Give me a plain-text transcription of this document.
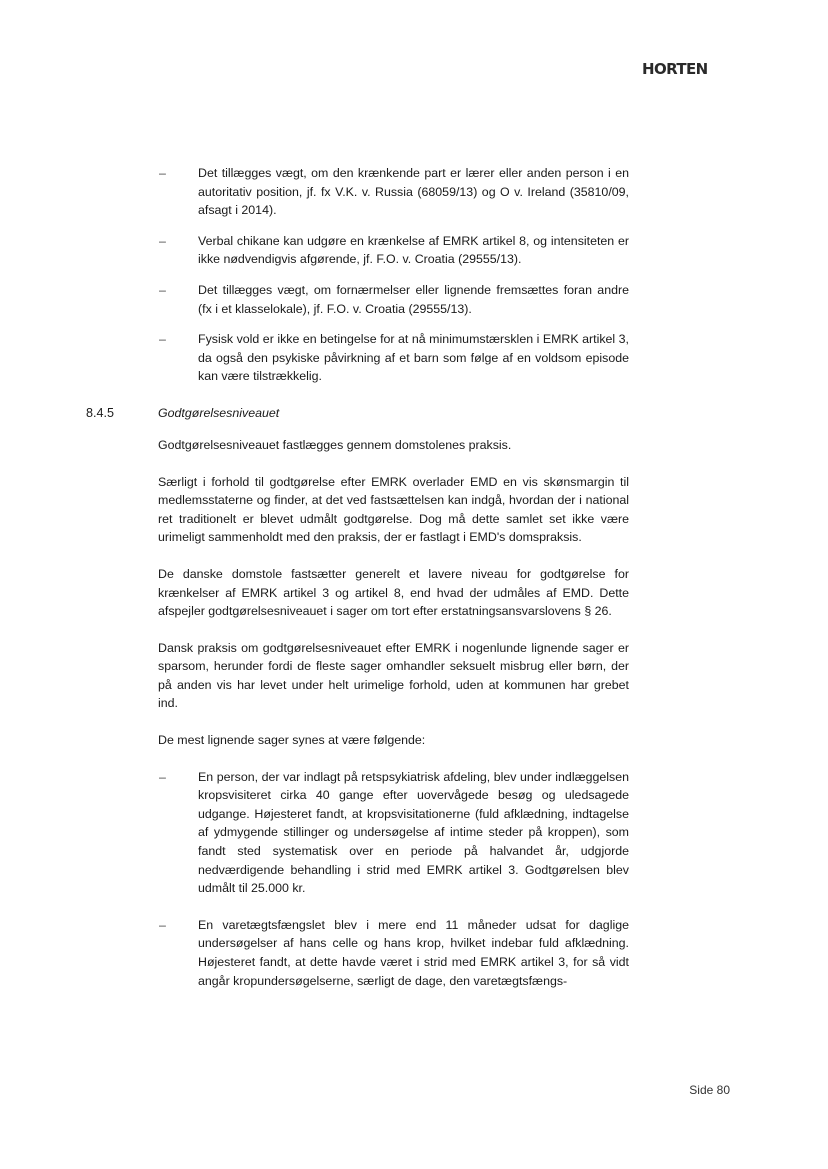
HORTEN
–	Det tillægges vægt, om den krænkende part er lærer eller anden person i en autoritativ position, jf. fx V.K. v. Russia (68059/13) og O v. Ireland (35810/09, afsagt i 2014).
–	Verbal chikane kan udgøre en krænkelse af EMRK artikel 8, og intensiteten er ikke nødvendigvis afgørende, jf. F.O. v. Croatia (29555/13).
–	Det tillægges vægt, om fornærmelser eller lignende fremsættes foran andre (fx i et klasselokale), jf. F.O. v. Croatia (29555/13).
–	Fysisk vold er ikke en betingelse for at nå minimumstærsklen i EMRK artikel 3, da også den psykiske påvirkning af et barn som følge af en voldsom episode kan være tilstrækkelig.
8.4.5	Godtgørelsesniveauet

Godtgørelsesniveauet fastlægges gennem domstolenes praksis.

Særligt i forhold til godtgørelse efter EMRK overlader EMD en vis skønsmargin til medlemsstaterne og finder, at det ved fastsættelsen kan indgå, hvordan der i national ret traditionelt er blevet udmålt godtgørelse. Dog må dette samlet set ikke være urimeligt sammenholdt med den praksis, der er fastlagt i EMD's domspraksis.

De danske domstole fastsætter generelt et lavere niveau for godtgørelse for krænkelser af EMRK artikel 3 og artikel 8, end hvad der udmåles af EMD. Dette afspejler godtgørelsesniveauet i sager om tort efter erstatningsansvarslovens § 26.

Dansk praksis om godtgørelsesniveauet efter EMRK i nogenlunde lignende sager er sparsom, herunder fordi de fleste sager omhandler seksuelt misbrug eller børn, der på anden vis har levet under helt urimelige forhold, uden at kommunen har grebet ind.

De mest lignende sager synes at være følgende:

–	En person, der var indlagt på retspsykiatrisk afdeling, blev under indlæggelsen kropsvisiteret cirka 40 gange efter uovervågede besøg og uledsagede udgange. Højesteret fandt, at kropsvisitationerne (fuld afklædning, indtagelse af ydmygende stillinger og undersøgelse af intime steder på kroppen), som fandt sted systematisk over en periode på halvandet år, udgjorde nedværdigende behandling i strid med EMRK artikel 3. Godtgørelsen blev udmålt til 25.000 kr.
–	En varetægtsfængslet blev i mere end 11 måneder udsat for daglige undersøgelser af hans celle og hans krop, hvilket indebar fuld afklædning. Højesteret fandt, at dette havde været i strid med EMRK artikel 3, for så vidt angår kropundersøgelserne, særligt de dage, den varetægtsfængs-
Side 80
